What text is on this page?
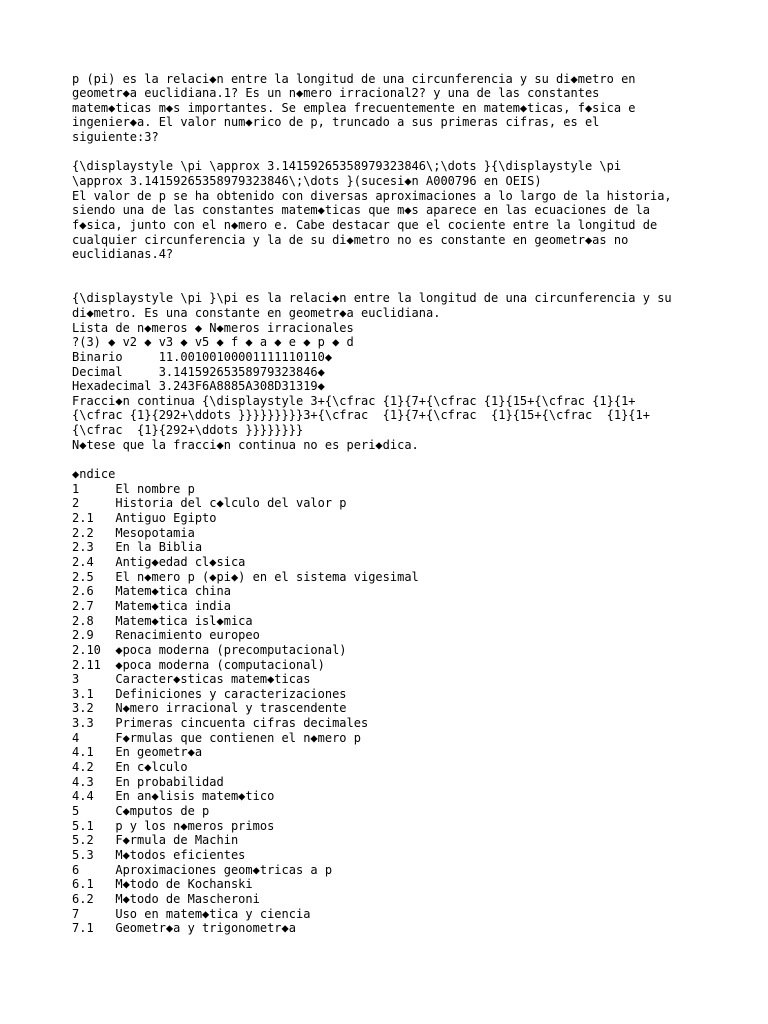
p (pi) es la relaci◆n entre la longitud de una circunferencia y su di◆metro en
geometr◆a euclidiana.1? Es un n◆mero irracional2? y una de las constantes
matem◆ticas m◆s importantes. Se emplea frecuentemente en matem◆ticas, f◆sica e
ingenier◆a. El valor num◆rico de p, truncado a sus primeras cifras, es el
siguiente:3?
{\displaystyle \pi \approx 3.14159265358979323846\;\dots }{\displaystyle \pi
\approx 3.14159265358979323846\;\dots }(sucesi◆n A000796 en OEIS)
El valor de p se ha obtenido con diversas aproximaciones a lo largo de la historia,
siendo una de las constantes matem◆ticas que m◆s aparece en las ecuaciones de la
f◆sica, junto con el n◆mero e. Cabe destacar que el cociente entre la longitud de
cualquier circunferencia y la de su di◆metro no es constante en geometr◆as no
euclidianas.4?
{\displaystyle \pi }\pi es la relaci◆n entre la longitud de una circunferencia y su
di◆metro. Es una constante en geometr◆a euclidiana.
Lista de n◆meros ◆ N◆meros irracionales
?(3) ◆ v2 ◆ v3 ◆ v5 ◆ f ◆ a ◆ e ◆ p ◆ d
Binario     11.00100100001111110110◆
Decimal     3.14159265358979323846◆
Hexadecimal 3.243F6A8885A308D31319◆
Fracci◆n continua {\displaystyle 3+{\cfrac {1}{7+{\cfrac {1}{15+{\cfrac {1}{1+
{\cfrac {1}{292+\ddots }}}}}}}}}3+{\cfrac  {1}{7+{\cfrac  {1}{15+{\cfrac  {1}{1+
{\cfrac  {1}{292+\ddots }}}}}}}}
N◆tese que la fracci◆n continua no es peri◆dica.
◆ndice
1     El nombre p
2     Historia del c◆lculo del valor p
2.1   Antiguo Egipto
2.2   Mesopotamia
2.3   En la Biblia
2.4   Antig◆edad cl◆sica
2.5   El n◆mero p (◆pi◆) en el sistema vigesimal
2.6   Matem◆tica china
2.7   Matem◆tica india
2.8   Matem◆tica isl◆mica
2.9   Renacimiento europeo
2.10  ◆poca moderna (precomputacional)
2.11  ◆poca moderna (computacional)
3     Caracter◆sticas matem◆ticas
3.1   Definiciones y caracterizaciones
3.2   N◆mero irracional y trascendente
3.3   Primeras cincuenta cifras decimales
4     F◆rmulas que contienen el n◆mero p
4.1   En geometr◆a
4.2   En c◆lculo
4.3   En probabilidad
4.4   En an◆lisis matem◆tico
5     C◆mputos de p
5.1   p y los n◆meros primos
5.2   F◆rmula de Machin
5.3   M◆todos eficientes
6     Aproximaciones geom◆tricas a p
6.1   M◆todo de Kochanski
6.2   M◆todo de Mascheroni
7     Uso en matem◆tica y ciencia
7.1   Geometr◆a y trigonometr◆a
